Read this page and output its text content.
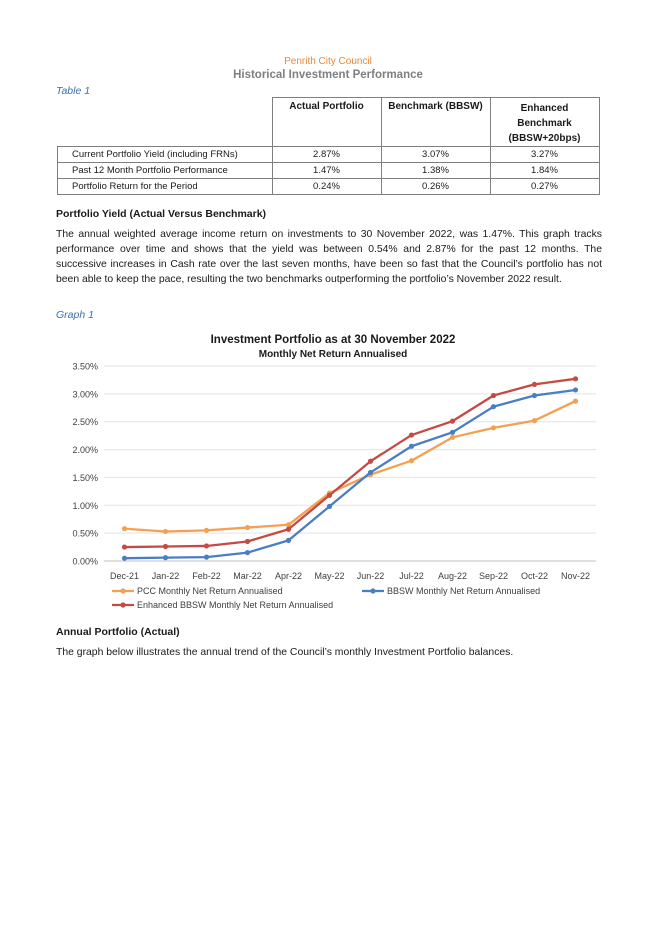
Penrith City Council
Historical Investment Performance
Table 1
	Actual Portfolio	Benchmark (BBSW)	Enhanced Benchmark (BBSW+20bps)
Current Portfolio Yield (including FRNs)	2.87%	3.07%	3.27%
Past 12 Month Portfolio Performance	1.47%	1.38%	1.84%
Portfolio Return for the Period	0.24%	0.26%	0.27%
Portfolio Yield (Actual Versus Benchmark)
The annual weighted average income return on investments to 30 November 2022, was 1.47%. This graph tracks performance over time and shows that the yield was between 0.54% and 2.87% for the past 12 months. The successive increases in Cash rate over the last seven months, have been so fast that the Council’s portfolio has not been able to keep the pace, resulting the two benchmarks outperforming the portfolio’s November 2022 result.
Graph 1
Investment Portfolio as at 30 November 2022
Monthly Net Return Annualised
0.00%
0.50%
1.00%
1.50%
2.00%
2.50%
3.00%
3.50%
Dec-21 Jan-22 Feb-22 Mar-22 Apr-22 May-22 Jun-22 Jul-22 Aug-22 Sep-22 Oct-22 Nov-22
PCC Monthly Net Return Annualised	BBSW Monthly Net Return Annualised
Enhanced BBSW Monthly Net Return Annualised
Annual Portfolio (Actual)
The graph below illustrates the annual trend of the Council’s monthly Investment Portfolio balances.
